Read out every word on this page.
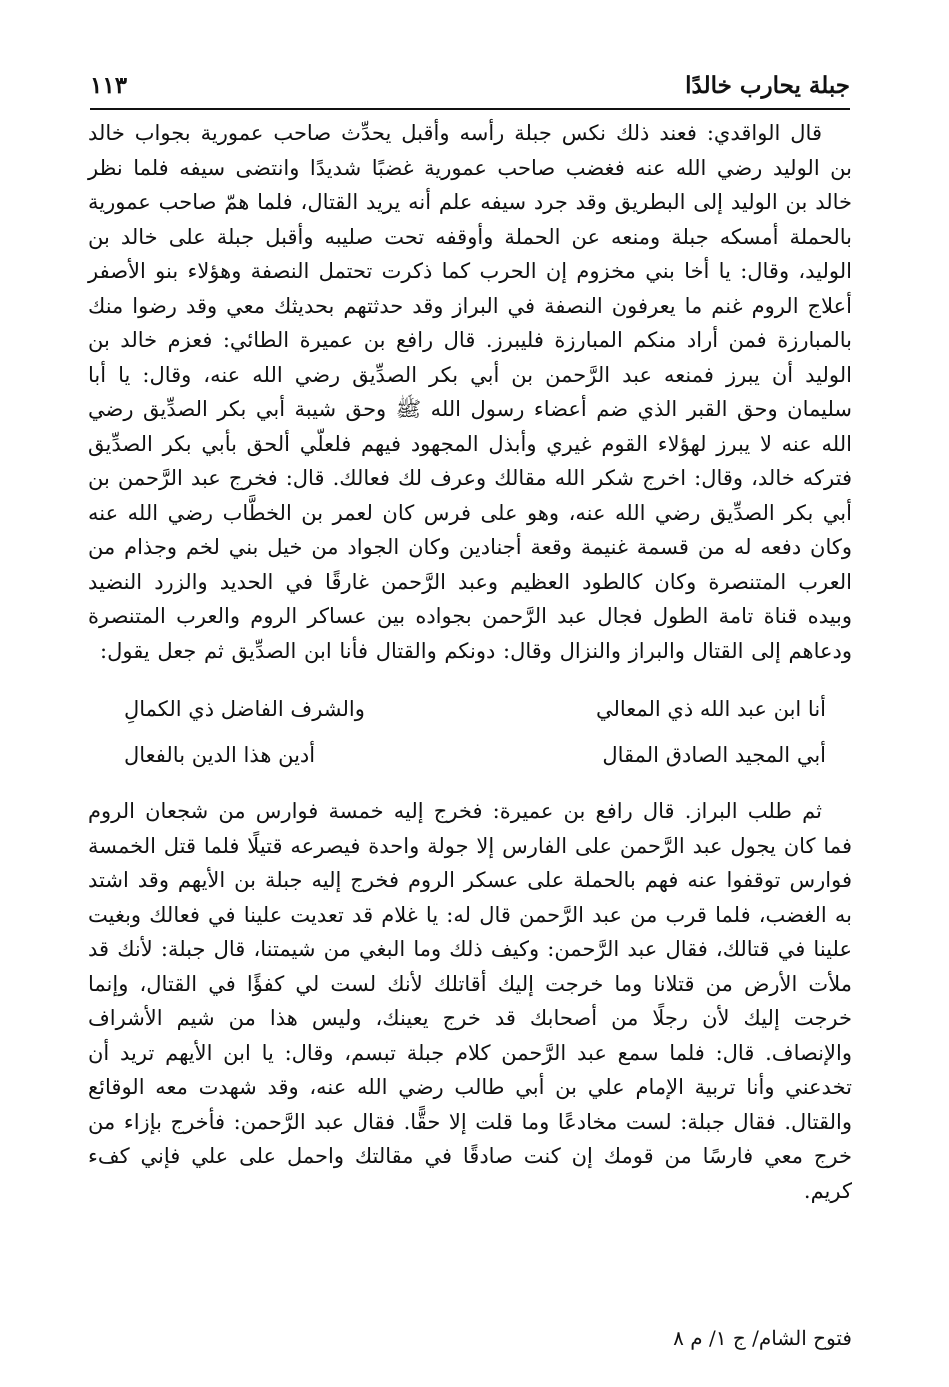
جبلة يحارب خالدًا
١١٣

قال الواقدي: فعند ذلك نكس جبلة رأسه وأقبل يحدِّث صاحب عمورية بجواب خالد بن الوليد رضي الله عنه فغضب صاحب عمورية غضبًا شديدًا وانتضى سيفه فلما نظر خالد بن الوليد إلى البطريق وقد جرد سيفه علم أنه يريد القتال، فلما همّ صاحب عمورية بالحملة أمسكه جبلة ومنعه عن الحملة وأوقفه تحت صليبه وأقبل جبلة على خالد بن الوليد، وقال: يا أخا بني مخزوم إن الحرب كما ذكرت تحتمل النصفة وهؤلاء بنو الأصفر أعلاج الروم غنم ما يعرفون النصفة في البراز وقد حدثتهم بحديثك معي وقد رضوا منك بالمبارزة فمن أراد منكم المبارزة فليبرز. قال رافع بن عميرة الطائي: فعزم خالد بن الوليد أن يبرز فمنعه عبد الرَّحمن بن أبي بكر الصدِّيق رضي الله عنه، وقال: يا أبا سليمان وحق القبر الذي ضم أعضاء رسول الله ﷺ وحق شيبة أبي بكر الصدِّيق رضي الله عنه لا يبرز لهؤلاء القوم غيري وأبذل المجهود فيهم فلعلّي ألحق بأبي بكر الصدِّيق فتركه خالد، وقال: اخرج شكر الله مقالك وعرف لك فعالك. قال: فخرج عبد الرَّحمن بن أبي بكر الصدِّيق رضي الله عنه، وهو على فرس كان لعمر بن الخطَّاب رضي الله عنه وكان دفعه له من قسمة غنيمة وقعة أجنادين وكان الجواد من خيل بني لخم وجذام من العرب المتنصرة وكان كالطود العظيم وعبد الرَّحمن غارقًا في الحديد والزرد النضيد وبيده قناة تامة الطول فجال عبد الرَّحمن بجواده بين عساكر الروم والعرب المتنصرة ودعاهم إلى القتال والبراز والنزال وقال: دونكم والقتال فأنا ابن الصدِّيق ثم جعل يقول:

أنا ابن عبد الله ذي المعالي
والشرف الفاضل ذي الكمالِ
أبي المجيد الصادق المقال
أدين هذا الدين بالفعال

ثم طلب البراز. قال رافع بن عميرة: فخرج إليه خمسة فوارس من شجعان الروم فما كان يجول عبد الرَّحمن على الفارس إلا جولة واحدة فيصرعه قتيلًا فلما قتل الخمسة فوارس توقفوا عنه فهم بالحملة على عسكر الروم فخرج إليه جبلة بن الأيهم وقد اشتد به الغضب، فلما قرب من عبد الرَّحمن قال له: يا غلام قد تعديت علينا في فعالك وبغيت علينا في قتالك، فقال عبد الرَّحمن: وكيف ذلك وما البغي من شيمتنا، قال جبلة: لأنك قد ملأت الأرض من قتلانا وما خرجت إليك أقاتلك لأنك لست لي كفؤًا في القتال، وإنما خرجت إليك لأن رجلًا من أصحابك قد خرج يعينك، وليس هذا من شيم الأشراف والإنصاف. قال: فلما سمع عبد الرَّحمن كلام جبلة تبسم، وقال: يا ابن الأيهم تريد أن تخدعني وأنا تربية الإمام علي بن أبي طالب رضي الله عنه، وقد شهدت معه الوقائع والقتال. فقال جبلة: لست مخادعًا وما قلت إلا حقًّا. فقال عبد الرَّحمن: فأخرج بإزاء من خرج معي فارسًا من قومك إن كنت صادقًا في مقالتك واحمل على علي فإني كفء كريم.

فتوح الشام/ ج ١/ م ٨
